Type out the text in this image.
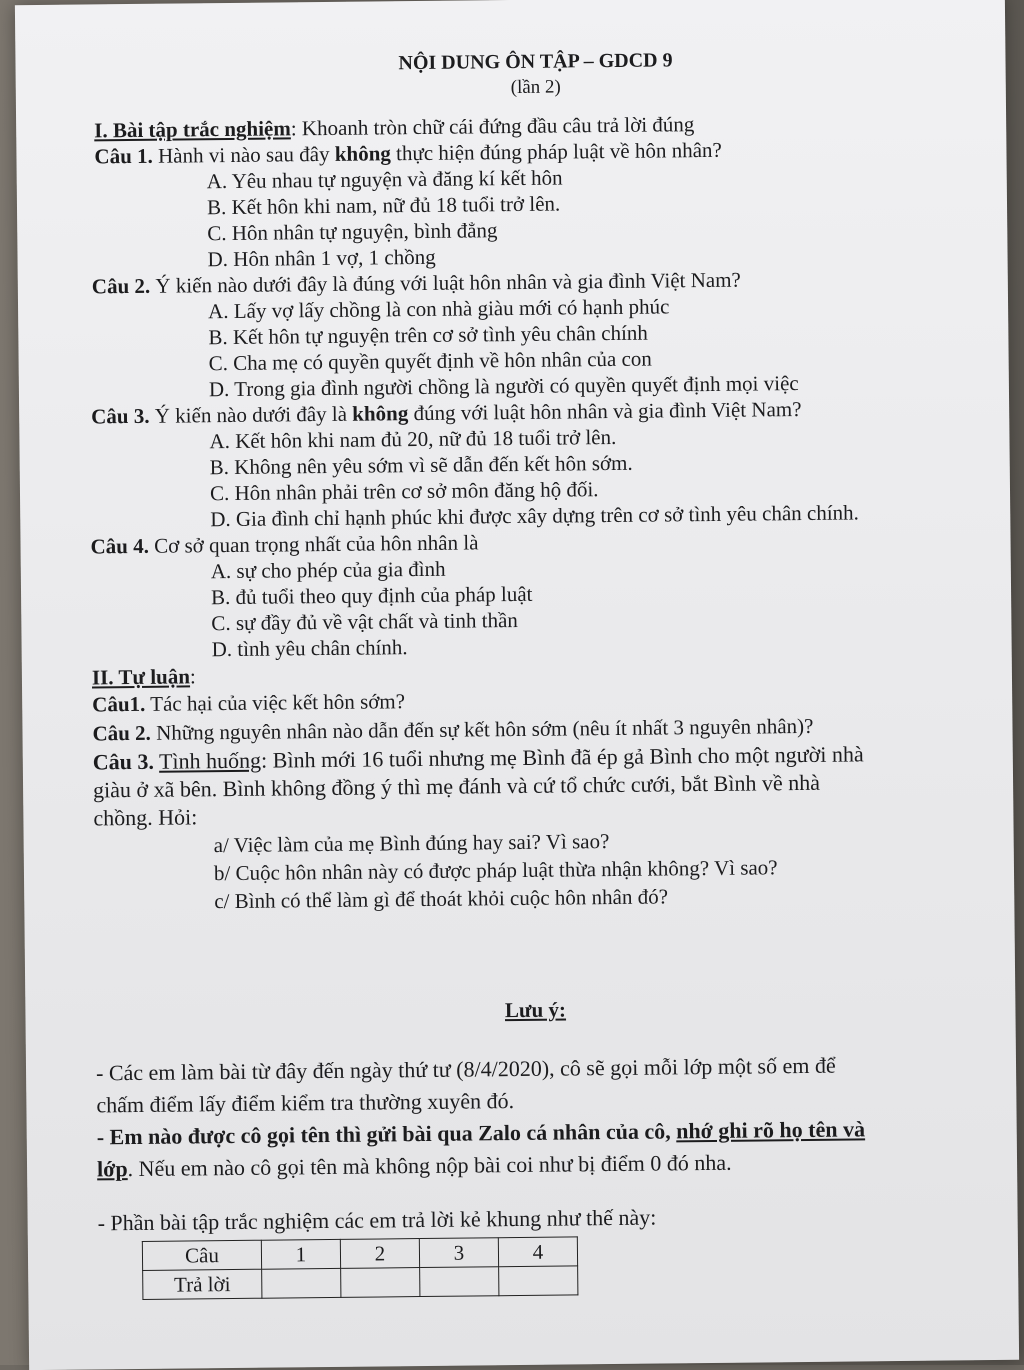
NỘI DUNG ÔN TẬP – GDCD 9
(lần 2)
I. Bài tập trắc nghiệm: Khoanh tròn chữ cái đứng đầu câu trả lời đúng
Câu 1. Hành vi nào sau đây không thực hiện đúng pháp luật về hôn nhân?
A. Yêu nhau tự nguyện và đăng kí kết hôn
B. Kết hôn khi nam, nữ đủ 18 tuổi trở lên.
C. Hôn nhân tự nguyện, bình đẳng
D. Hôn nhân 1 vợ, 1 chồng
Câu 2. Ý kiến nào dưới đây là đúng với luật hôn nhân và gia đình Việt Nam?
A. Lấy vợ lấy chồng là con nhà giàu mới có hạnh phúc
B. Kết hôn tự nguyện trên cơ sở tình yêu chân chính
C. Cha mẹ có quyền quyết định về hôn nhân của con
D. Trong gia đình người chồng là người có quyền quyết định mọi việc
Câu 3. Ý kiến nào dưới đây là không đúng với luật hôn nhân và gia đình Việt Nam?
A. Kết hôn khi nam đủ 20, nữ đủ 18 tuổi trở lên.
B. Không nên yêu sớm vì sẽ dẫn đến kết hôn sớm.
C. Hôn nhân phải trên cơ sở môn đăng hộ đối.
D. Gia đình chỉ hạnh phúc khi được xây dựng trên cơ sở tình yêu chân chính.
Câu 4. Cơ sở quan trọng nhất của hôn nhân là
A. sự cho phép của gia đình
B. đủ tuổi theo quy định của pháp luật
C. sự đầy đủ về vật chất và tinh thần
D. tình yêu chân chính.
II. Tự luận:
Câu1. Tác hại của việc kết hôn sớm?
Câu 2. Những nguyên nhân nào dẫn đến sự kết hôn sớm (nêu ít nhất 3 nguyên nhân)?
Câu 3. Tình huống: Bình mới 16 tuổi nhưng mẹ Bình đã ép gả Bình cho một người nhà
giàu ở xã bên. Bình không đồng ý thì mẹ đánh và cứ tổ chức cưới, bắt Bình về nhà
chồng. Hỏi:
a/ Việc làm của mẹ Bình đúng hay sai? Vì sao?
b/ Cuộc hôn nhân này có được pháp luật thừa nhận không? Vì sao?
c/ Bình có thể làm gì để thoát khỏi cuộc hôn nhân đó?
Lưu ý:
- Các em làm bài từ đây đến ngày thứ tư (8/4/2020), cô sẽ gọi mỗi lớp một số em để
chấm điểm lấy điểm kiểm tra thường xuyên đó.
- Em nào được cô gọi tên thì gửi bài qua Zalo cá nhân của cô, nhớ ghi rõ họ tên và
lớp. Nếu em nào cô gọi tên mà không nộp bài coi như bị điểm 0 đó nha.
- Phần bài tập trắc nghiệm các em trả lời kẻ khung như thế này:
Câu	1	2	3	4
Trả lời				
